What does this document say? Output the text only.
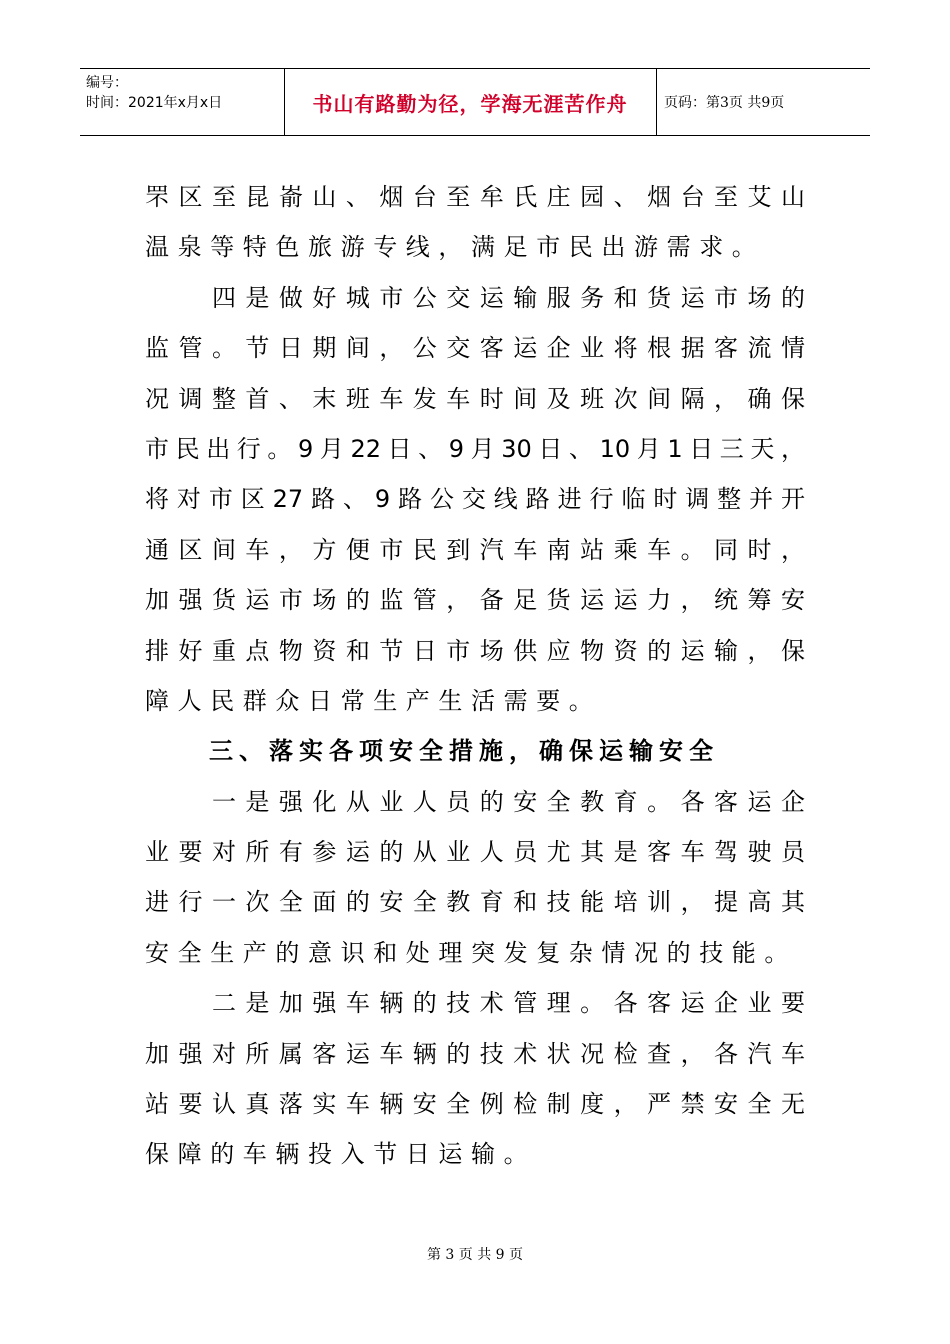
编号：
时间：2021年x月x日	书山有路勤为径，学海无涯苦作舟	页码：第3页 共9页
罘区至昆嵛山、烟台至牟氏庄园、烟台至艾山
温泉等特色旅游专线，满足市民出游需求。
　　四是做好城市公交运输服务和货运市场的
监管。节日期间，公交客运企业将根据客流情
况调整首、末班车发车时间及班次间隔，确保
市民出行。9月22日、9月30日、10月1日三天，
将对市区27路、9路公交线路进行临时调整并开
通区间车，方便市民到汽车南站乘车。同时，
加强货运市场的监管，备足货运运力，统筹安
排好重点物资和节日市场供应物资的运输，保
障人民群众日常生产生活需要。
三、落实各项安全措施，确保运输安全
　　一是强化从业人员的安全教育。各客运企
业要对所有参运的从业人员尤其是客车驾驶员
进行一次全面的安全教育和技能培训，提高其
安全生产的意识和处理突发复杂情况的技能。
　　二是加强车辆的技术管理。各客运企业要
加强对所属客运车辆的技术状况检查，各汽车
站要认真落实车辆安全例检制度，严禁安全无
保障的车辆投入节日运输。
第 3 页 共 9 页
